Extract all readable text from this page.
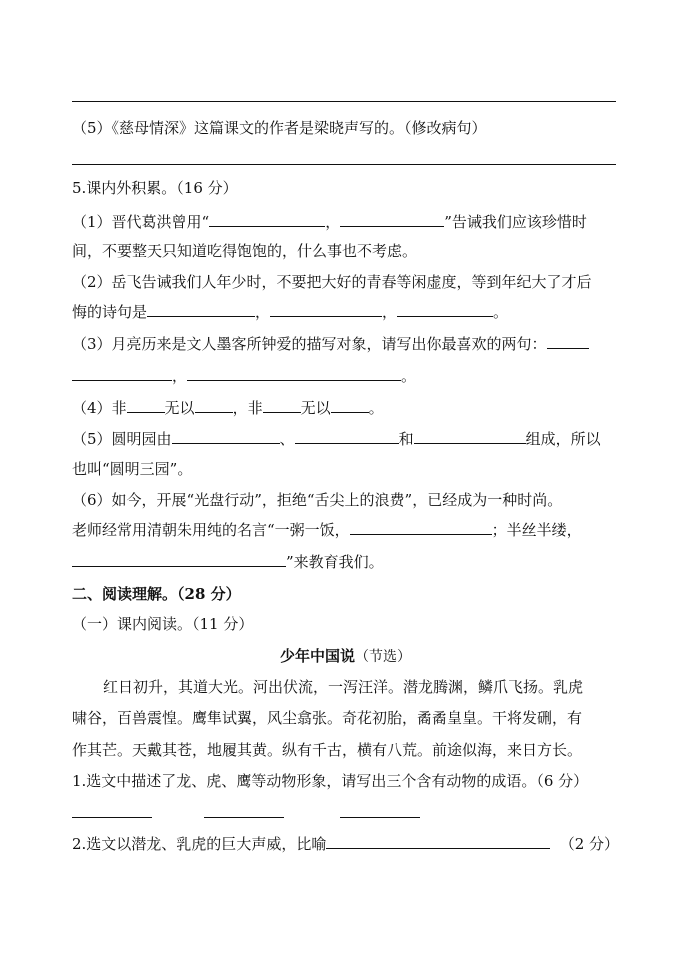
（5）《慈母情深》这篇课文的作者是梁晓声写的。（修改病句）
5.课内外积累。（16 分）
（1）晋代葛洪曾用“	，	”告诫我们应该珍惜时
间，不要整天只知道吃得饱饱的，什么事也不考虑。
（2）岳飞告诫我们人年少时，不要把大好的青春等闲虚度，等到年纪大了才后
悔的诗句是	，	，	。
（3）月亮历来是文人墨客所钟爱的描写对象，请写出你最喜欢的两句：
，	。
（4）非	无以	，非	无以	。
（5）圆明园由	、	和	组成，所以
也叫“圆明三园”。
（6）如今，开展“光盘行动”，拒绝“舌尖上的浪费”，已经成为一种时尚。
老师经常用清朝朱用纯的名言“一粥一饭，	；半丝半缕，
”来教育我们。
二、阅读理解。（28 分）
（一）课内阅读。（11 分）
少年中国说（节选）
红日初升，其道大光。河出伏流，一泻汪洋。潜龙腾渊，鳞爪飞扬。乳虎
啸谷，百兽震惶。鹰隼试翼，风尘翕张。奇花初胎，矞矞皇皇。干将发硎，有
作其芒。天戴其苍，地履其黄。纵有千古，横有八荒。前途似海，来日方长。
1.选文中描述了龙、虎、鹰等动物形象，请写出三个含有动物的成语。（6 分）
2.选文以潜龙、乳虎的巨大声威，比喻	（2 分）
